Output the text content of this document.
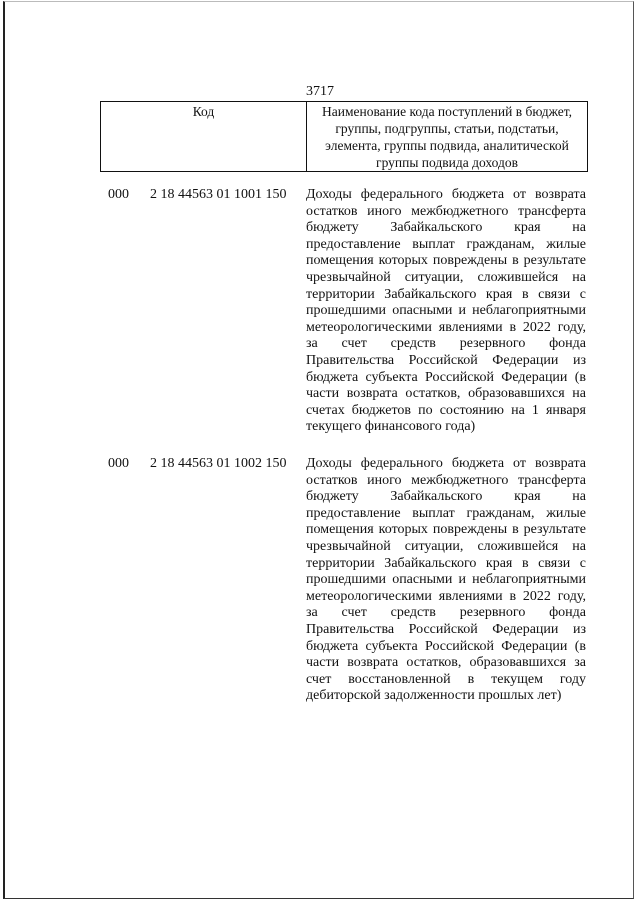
3717
Код	Наименование кода поступлений в бюджет, группы, подгруппы, статьи, подстатьи, элемента, группы подвида, аналитической группы подвида доходов
000 2 18 44563 01 1001 150 Доходы федерального бюджета от возврата остатков иного межбюджетного трансферта бюджету Забайкальского края на предоставление выплат гражданам, жилые помещения которых повреждены в результате чрезвычайной ситуации, сложившейся на территории Забайкальского края в связи с прошедшими опасными и неблагоприятными метеорологическими явлениями в 2022 году, за счет средств резервного фонда Правительства Российской Федерации из бюджета субъекта Российской Федерации (в части возврата остатков, образовавшихся на счетах бюджетов по состоянию на 1 января текущего финансового года)
000 2 18 44563 01 1002 150 Доходы федерального бюджета от возврата остатков иного межбюджетного трансферта бюджету Забайкальского края на предоставление выплат гражданам, жилые помещения которых повреждены в результате чрезвычайной ситуации, сложившейся на территории Забайкальского края в связи с прошедшими опасными и неблагоприятными метеорологическими явлениями в 2022 году, за счет средств резервного фонда Правительства Российской Федерации из бюджета субъекта Российской Федерации (в части возврата остатков, образовавшихся за счет восстановленной в текущем году дебиторской задолженности прошлых лет)
